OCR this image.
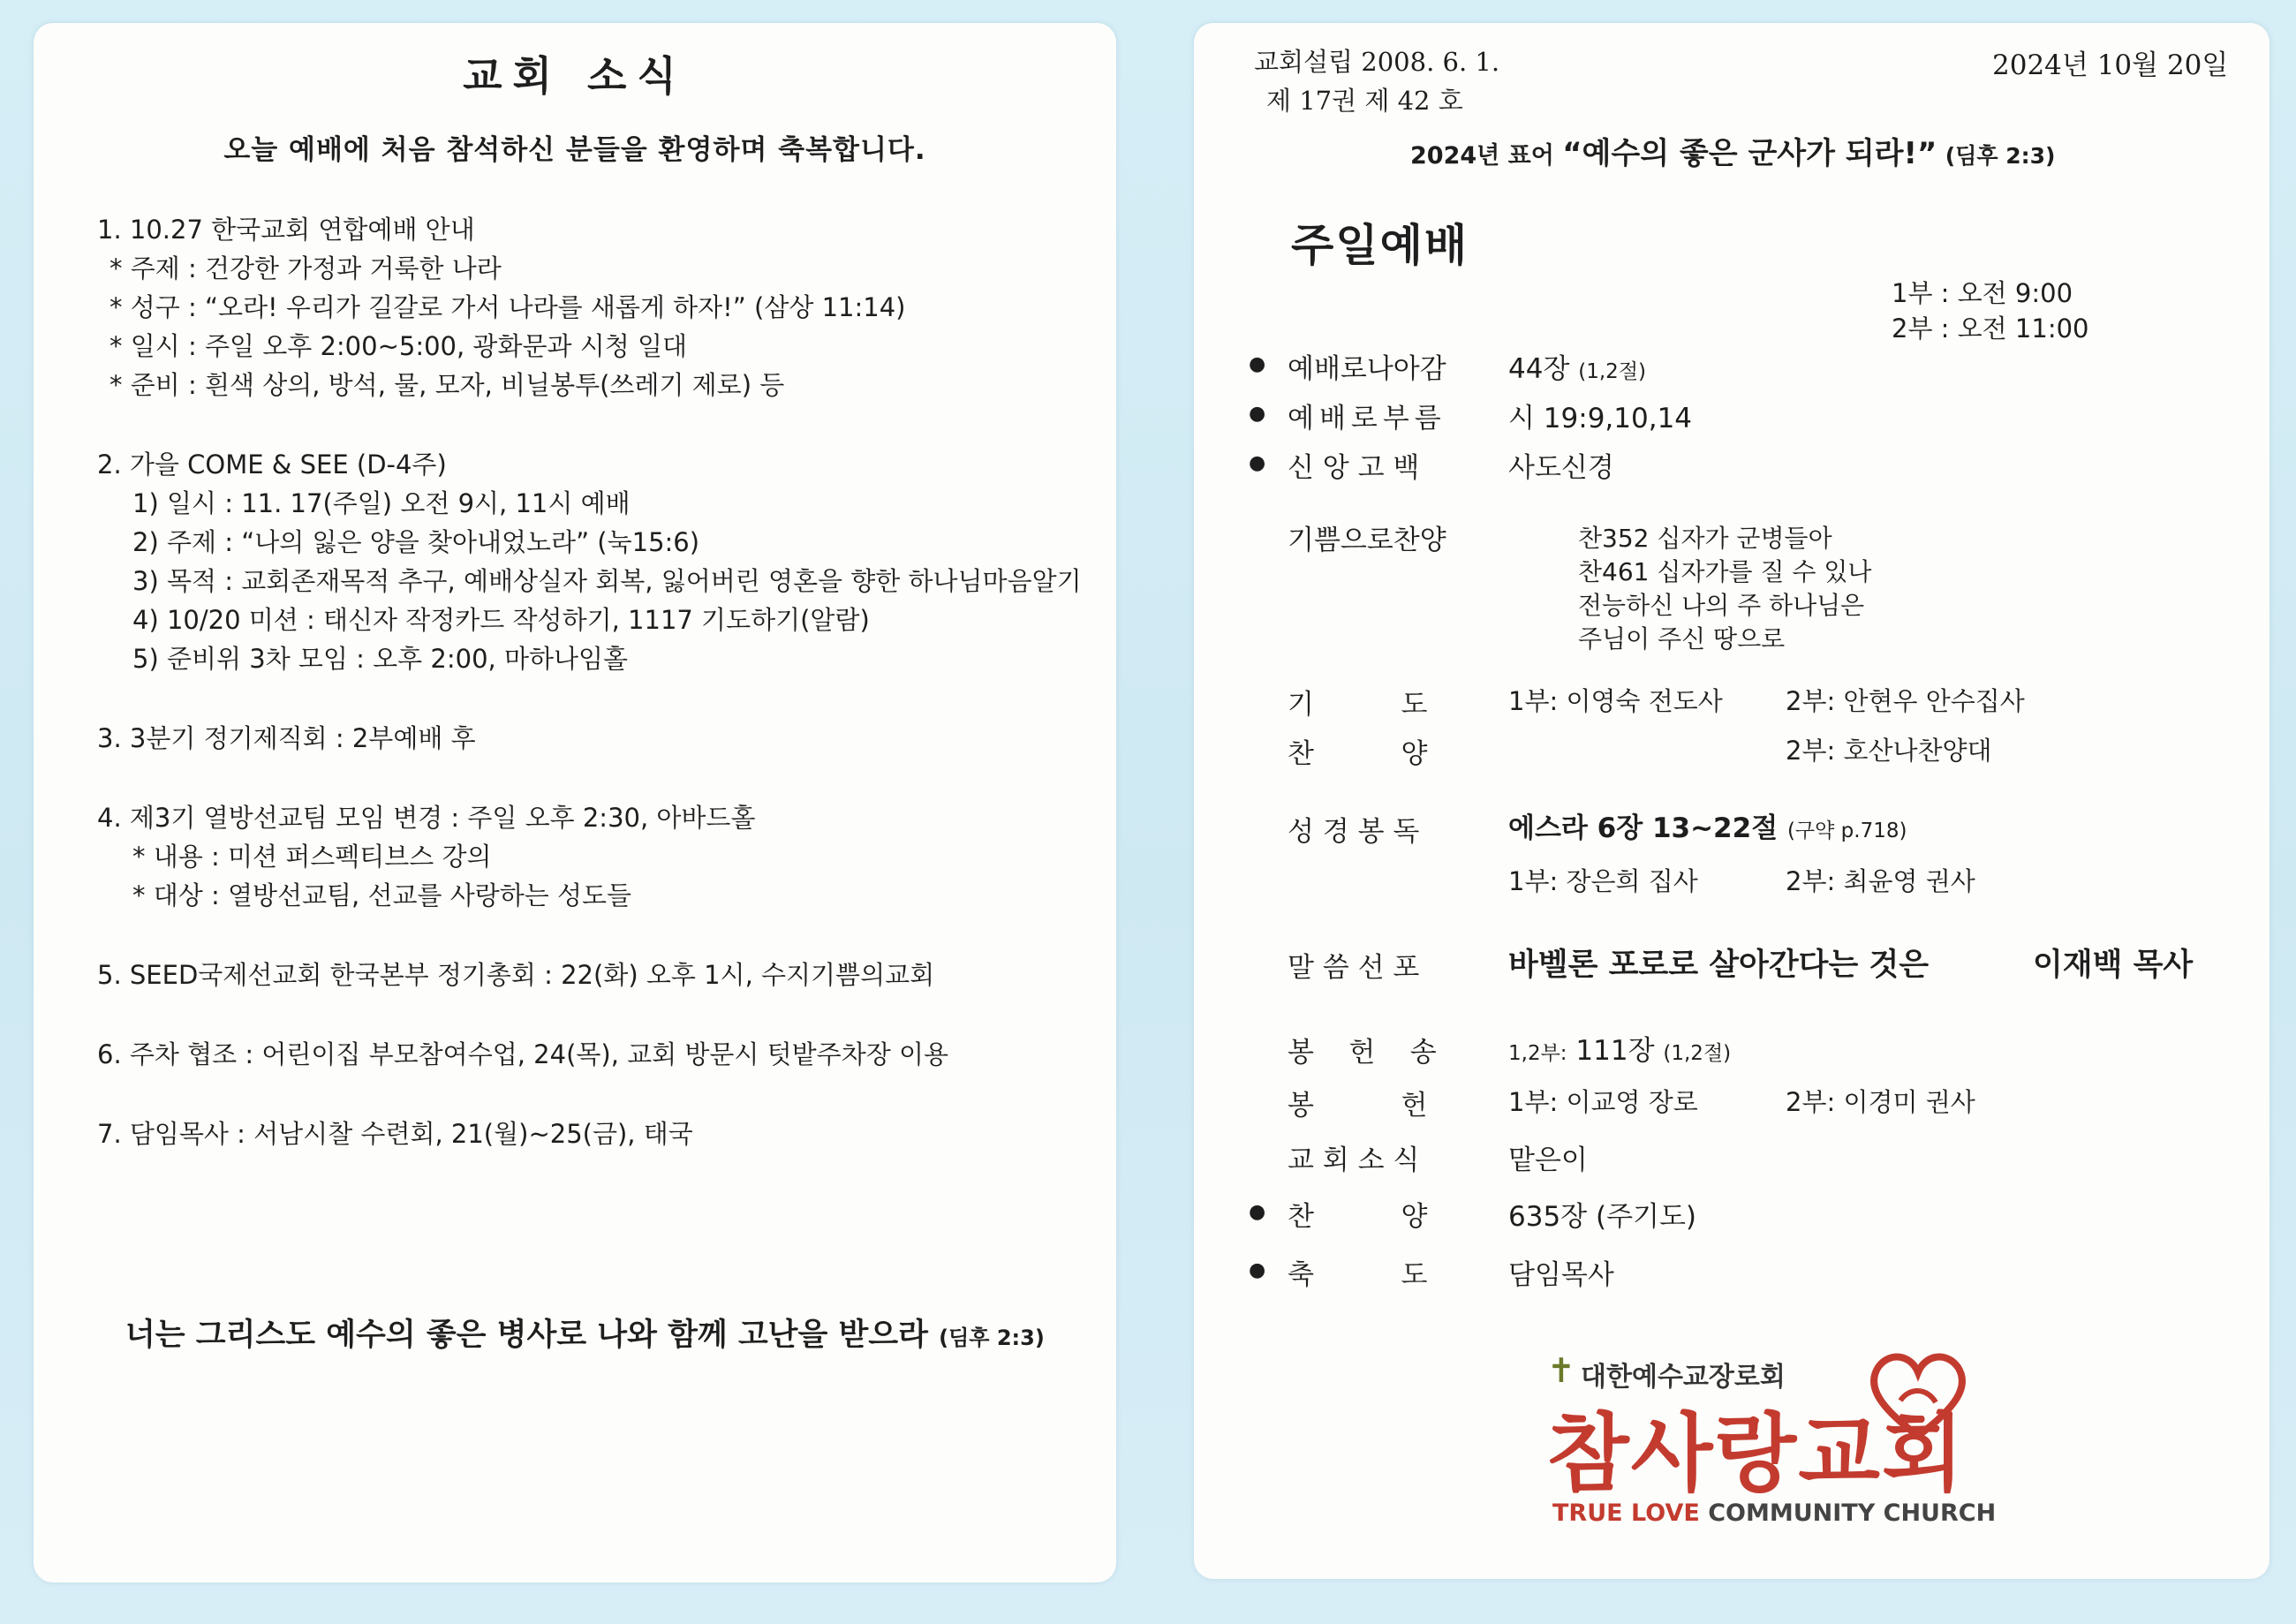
교회 소식
오늘 예배에 처음 참석하신 분들을 환영하며 축복합니다.
1. 10.27 한국교회 연합예배 안내
* 주제 : 건강한 가정과 거룩한 나라
* 성구 : “오라! 우리가 길갈로 가서 나라를 새롭게 하자!” (삼상 11:14)
* 일시 : 주일 오후 2:00~5:00, 광화문과 시청 일대
* 준비 : 흰색 상의, 방석, 물, 모자, 비닐봉투(쓰레기 제로) 등
2. 가을 COME & SEE (D-4주)
1) 일시 : 11. 17(주일) 오전 9시, 11시 예배
2) 주제 : “나의 잃은 양을 찾아내었노라” (눅15:6)
3) 목적 : 교회존재목적 추구, 예배상실자 회복, 잃어버린 영혼을 향한 하나님마음알기
4) 10/20 미션 : 태신자 작정카드 작성하기, 1117 기도하기(알람)
5) 준비위 3차 모임 : 오후 2:00, 마하나임홀
3. 3분기 정기제직회 : 2부예배 후
4. 제3기 열방선교팀 모임 변경 : 주일 오후 2:30, 아바드홀
* 내용 : 미션 퍼스펙티브스 강의
* 대상 : 열방선교팀, 선교를 사랑하는 성도들
5. SEED국제선교회 한국본부 정기총회 : 22(화) 오후 1시, 수지기쁨의교회
6. 주차 협조 : 어린이집 부모참여수업, 24(목), 교회 방문시 텃밭주차장 이용
7. 담임목사 : 서남시찰 수련회, 21(월)~25(금), 태국
너는 그리스도 예수의 좋은 병사로 나와 함께 고난을 받으라 (딤후 2:3)
교회설립 2008. 6. 1.
제 17권 제 42 호
2024년 10월 20일
2024년 표어 “예수의 좋은 군사가 되라!” (딤후 2:3)
주일예배
1부 : 오전 9:00
2부 : 오전 11:00
● 예배로나아감 44장 (1,2절)
● 예배로부름 시 19:9,10,14
● 신 앙 고 백	사도신경
기쁨으로찬양	찬352 십자가 군병들아
찬461 십자가를 질 수 있나
전능하신 나의 주 하나님은
주님이 주신 땅으로
기          도	1부: 이영숙 전도사 2부: 안현우 안수집사
찬          양	2부: 호산나찬양대
성 경 봉 독	에스라 6장 13~22절 (구약 p.718)
1부: 장은희 집사	2부: 최윤영 권사
말 씀 선 포	바벨론 포로로 살아간다는 것은	이재백 목사
봉    헌    송	1,2부: 111장 (1,2절)
봉          헌	1부: 이교영 장로	2부: 이경미 권사
교 회 소 식	맡은이
● 찬          양	635장 (주기도)
● 축          도	담임목사
✝ 대한예수교장로회
참사랑교회
TRUE LOVE COMMUNITY CHURCH
